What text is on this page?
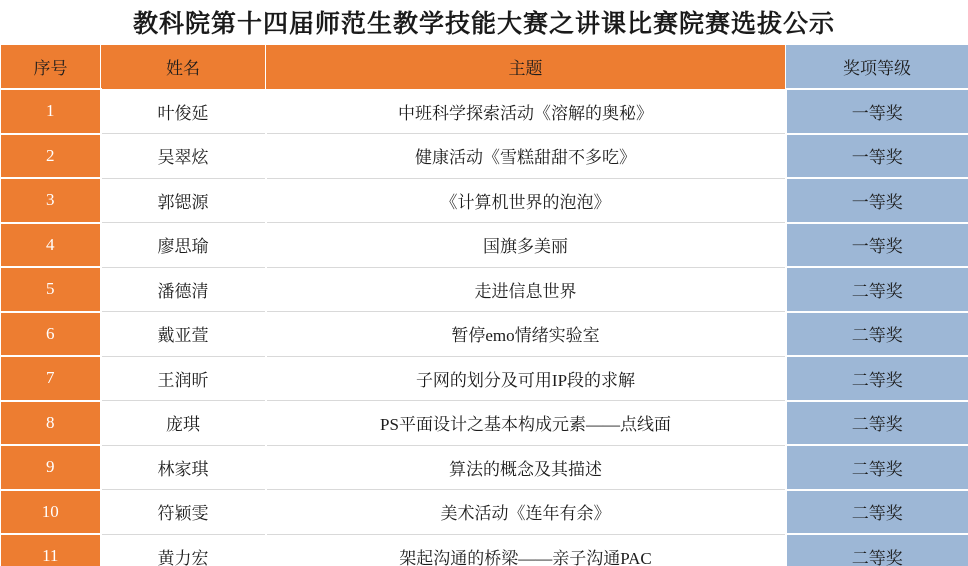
教科院第十四届师范生教学技能大赛之讲课比赛院赛选拔公示
序号	姓名	主题	奖项等级
1	叶俊延	中班科学探索活动《溶解的奥秘》	一等奖
2	吴翠炫	健康活动《雪糕甜甜不多吃》	一等奖
3	郭锶源	《计算机世界的泡泡》	一等奖
4	廖思瑜	国旗多美丽	一等奖
5	潘德清	走进信息世界	二等奖
6	戴亚萱	暂停emo情绪实验室	二等奖
7	王润昕	子网的划分及可用IP段的求解	二等奖
8	庞琪	PS平面设计之基本构成元素——点线面	二等奖
9	林家琪	算法的概念及其描述	二等奖
10	符颖雯	美术活动《连年有余》	二等奖
11	黄力宏	架起沟通的桥梁——亲子沟通PAC	二等奖
